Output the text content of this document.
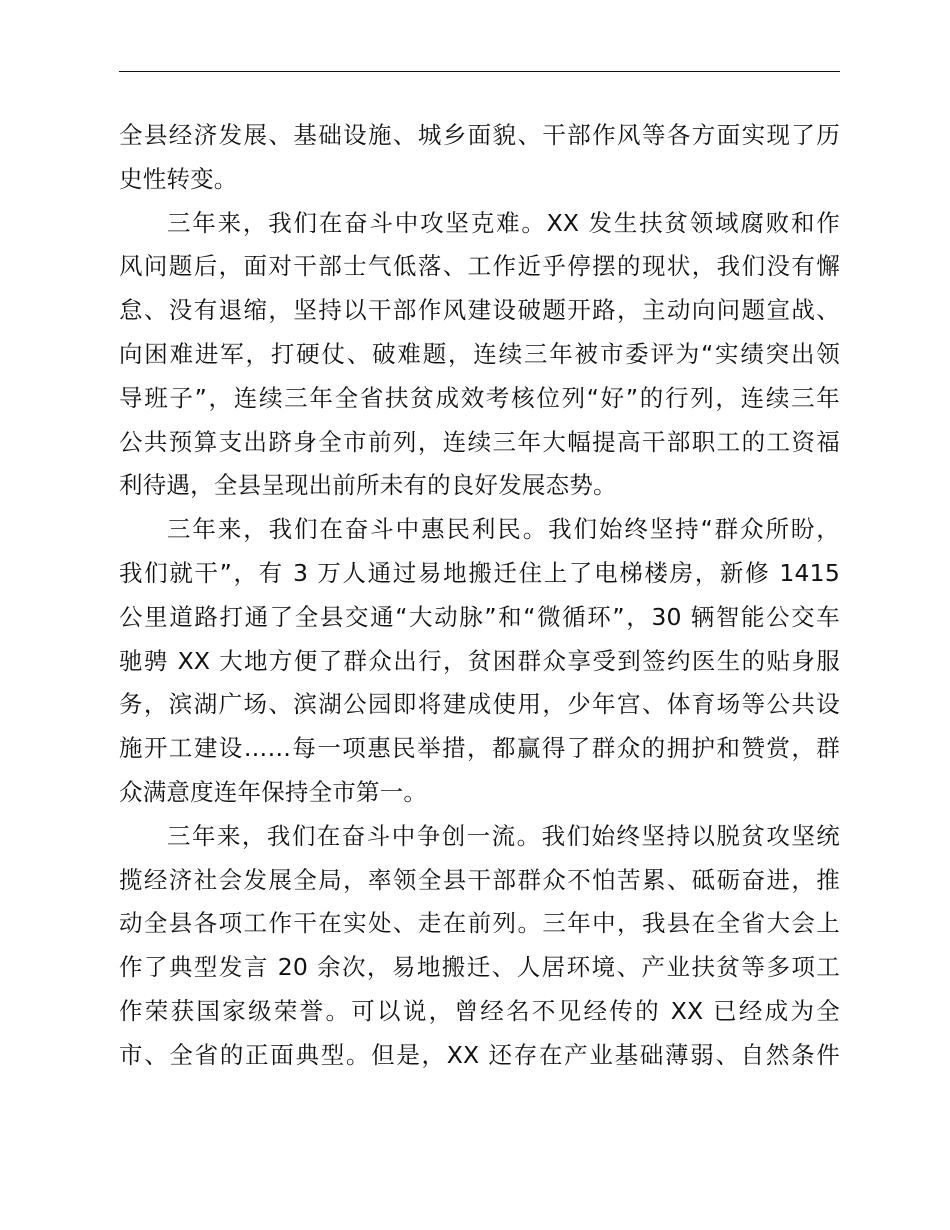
全县经济发展、基础设施、城乡面貌、干部作风等各方面实现了历
史性转变。
三年来，我们在奋斗中攻坚克难。XX 发生扶贫领域腐败和作
风问题后，面对干部士气低落、工作近乎停摆的现状，我们没有懈
怠、没有退缩，坚持以干部作风建设破题开路，主动向问题宣战、
向困难进军，打硬仗、破难题，连续三年被市委评为“实绩突出领
导班子”，连续三年全省扶贫成效考核位列“好”的行列，连续三年
公共预算支出跻身全市前列，连续三年大幅提高干部职工的工资福
利待遇，全县呈现出前所未有的良好发展态势。
三年来，我们在奋斗中惠民利民。我们始终坚持“群众所盼，
我们就干”，有 3 万人通过易地搬迁住上了电梯楼房，新修 1415
公里道路打通了全县交通“大动脉”和“微循环”，30 辆智能公交车
驰骋 XX 大地方便了群众出行，贫困群众享受到签约医生的贴身服
务，滨湖广场、滨湖公园即将建成使用，少年宫、体育场等公共设
施开工建设……每一项惠民举措，都赢得了群众的拥护和赞赏，群
众满意度连年保持全市第一。
三年来，我们在奋斗中争创一流。我们始终坚持以脱贫攻坚统
揽经济社会发展全局，率领全县干部群众不怕苦累、砥砺奋进，推
动全县各项工作干在实处、走在前列。三年中，我县在全省大会上
作了典型发言 20 余次，易地搬迁、人居环境、产业扶贫等多项工
作荣获国家级荣誉。可以说，曾经名不见经传的 XX 已经成为全
市、全省的正面典型。但是，XX 还存在产业基础薄弱、自然条件
